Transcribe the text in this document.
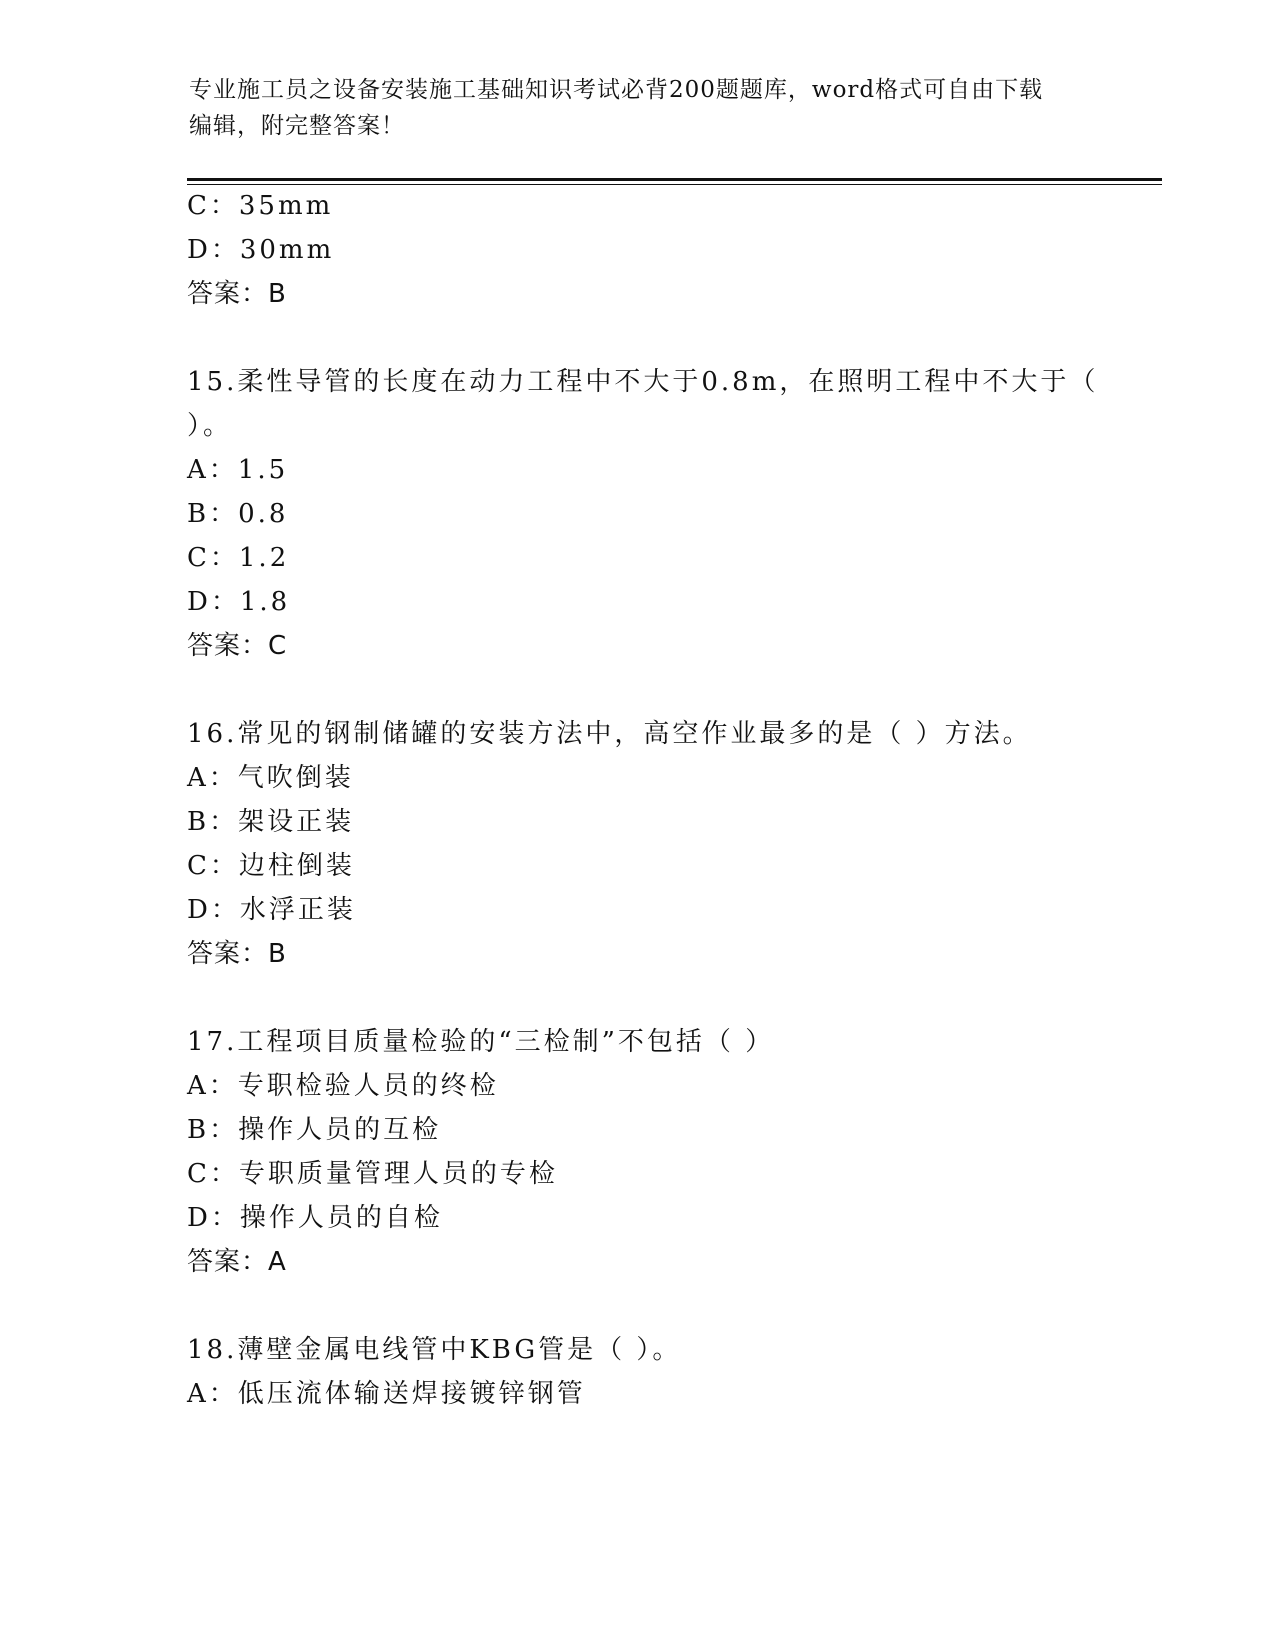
专业施工员之设备安装施工基础知识考试必背200题题库，word格式可自由下载
编辑，附完整答案！
C：35mm
D：30mm
答案：B
15.柔性导管的长度在动力工程中不大于0.8m，在照明工程中不大于（
）。
A：1.5
B：0.8
C：1.2
D：1.8
答案：C
16.常见的钢制储罐的安装方法中，高空作业最多的是（ ）方法。
A：气吹倒装
B：架设正装
C：边柱倒装
D：水浮正装
答案：B
17.工程项目质量检验的“三检制”不包括（ ）
A：专职检验人员的终检
B：操作人员的互检
C：专职质量管理人员的专检
D：操作人员的自检
答案：A
18.薄壁金属电线管中KBG管是（ ）。
A：低压流体输送焊接镀锌钢管
